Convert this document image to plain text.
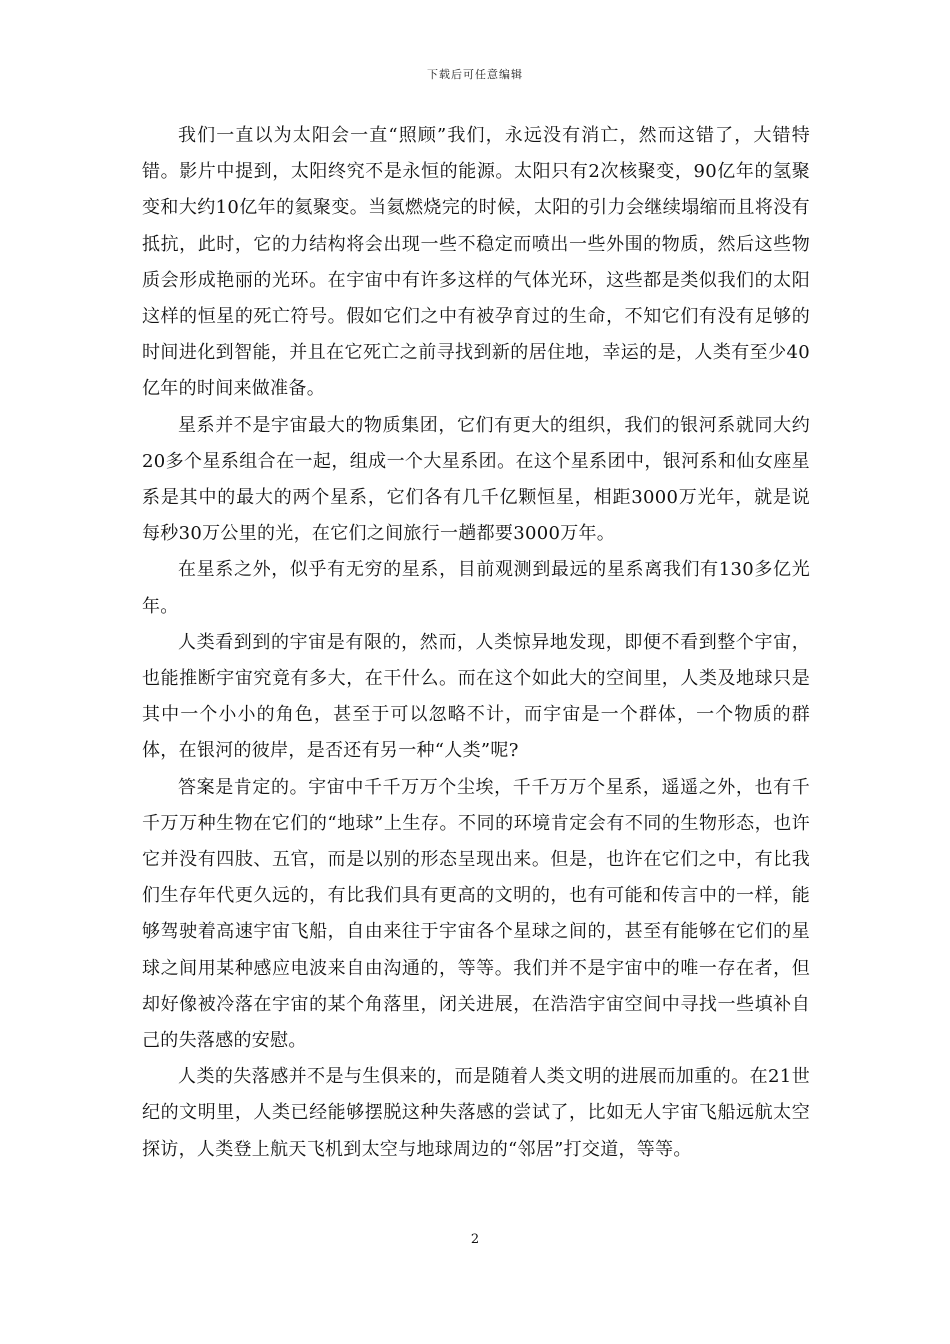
下载后可任意编辑

我们一直以为太阳会一直“照顾”我们，永远没有消亡，然而这错了，大错特错。影片中提到，太阳终究不是永恒的能源。太阳只有2次核聚变，90亿年的氢聚变和大约10亿年的氦聚变。当氦燃烧完的时候，太阳的引力会继续塌缩而且将没有抵抗，此时，它的力结构将会出现一些不稳定而喷出一些外围的物质，然后这些物质会形成艳丽的光环。在宇宙中有许多这样的气体光环，这些都是类似我们的太阳这样的恒星的死亡符号。假如它们之中有被孕育过的生命，不知它们有没有足够的时间进化到智能，并且在它死亡之前寻找到新的居住地，幸运的是，人类有至少40亿年的时间来做准备。

星系并不是宇宙最大的物质集团，它们有更大的组织，我们的银河系就同大约20多个星系组合在一起，组成一个大星系团。在这个星系团中，银河系和仙女座星系是其中的最大的两个星系，它们各有几千亿颗恒星，相距3000万光年，就是说每秒30万公里的光，在它们之间旅行一趟都要3000万年。

在星系之外，似乎有无穷的星系，目前观测到最远的星系离我们有130多亿光年。

人类看到到的宇宙是有限的，然而，人类惊异地发现，即便不看到整个宇宙，也能推断宇宙究竟有多大，在干什么。而在这个如此大的空间里，人类及地球只是其中一个小小的角色，甚至于可以忽略不计，而宇宙是一个群体，一个物质的群体，在银河的彼岸，是否还有另一种“人类”呢?

答案是肯定的。宇宙中千千万万个尘埃，千千万万个星系，遥遥之外，也有千千万万种生物在它们的“地球”上生存。不同的环境肯定会有不同的生物形态，也许它并没有四肢、五官，而是以别的形态呈现出来。但是，也许在它们之中，有比我们生存年代更久远的，有比我们具有更高的文明的，也有可能和传言中的一样，能够驾驶着高速宇宙飞船，自由来往于宇宙各个星球之间的，甚至有能够在它们的星球之间用某种感应电波来自由沟通的，等等。我们并不是宇宙中的唯一存在者，但却好像被冷落在宇宙的某个角落里，闭关进展，在浩浩宇宙空间中寻找一些填补自己的失落感的安慰。

人类的失落感并不是与生俱来的，而是随着人类文明的进展而加重的。在21世纪的文明里，人类已经能够摆脱这种失落感的尝试了，比如无人宇宙飞船远航太空探访，人类登上航天飞机到太空与地球周边的“邻居”打交道，等等。

2
